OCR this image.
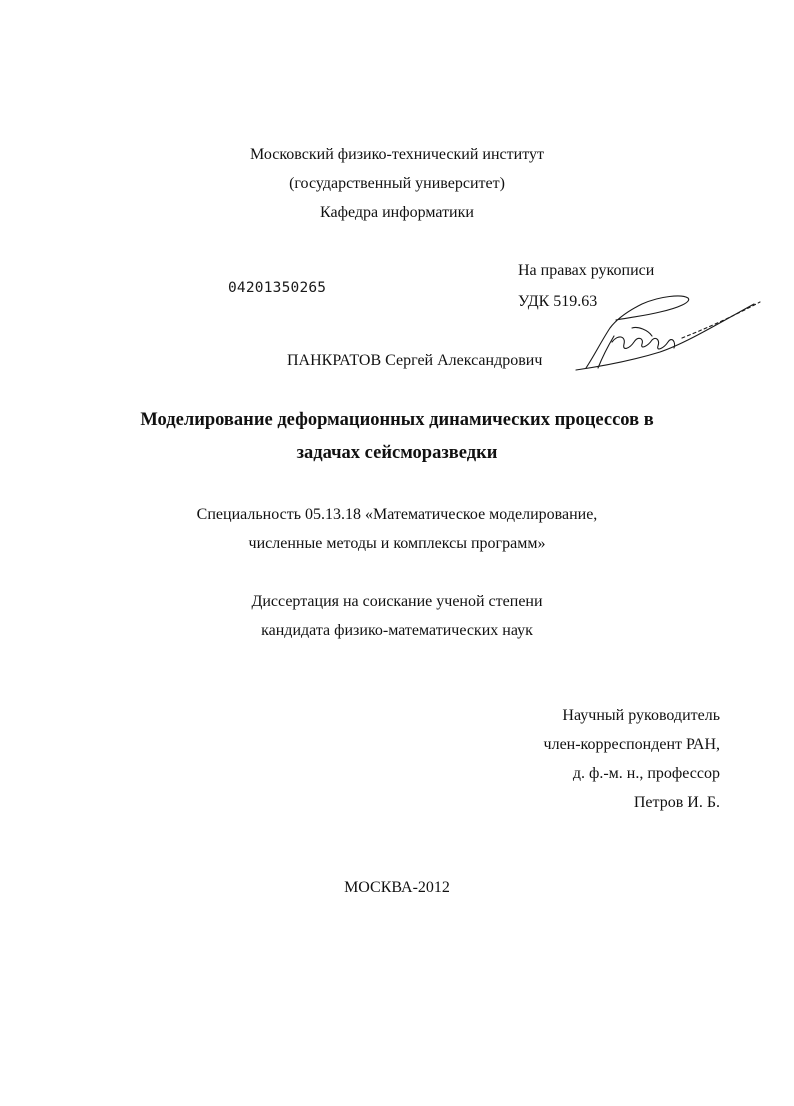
Московский физико-технический институт
(государственный университет)
Кафедра информатики
На правах рукописи
УДК 519.63
04201350265
ПАНКРАТОВ Сергей Александрович
Моделирование деформационных динамических процессов в
задачах сейсморазведки
Специальность 05.13.18 «Математическое моделирование,
численные методы и комплексы программ»
Диссертация на соискание ученой степени
кандидата физико-математических наук
Научный руководитель
член-корреспондент РАН,
д. ф.-м. н., профессор
Петров И. Б.
МОСКВА-2012
